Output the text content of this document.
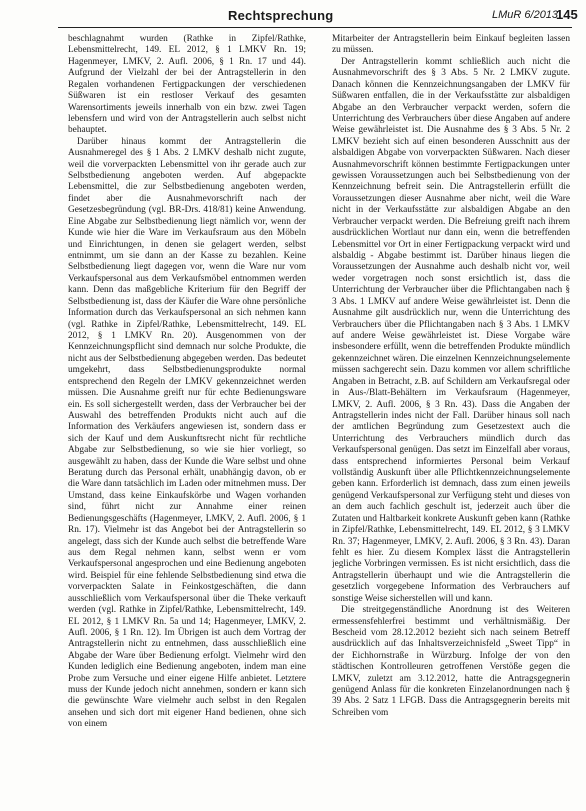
Rechtsprechung	LMuR 6/2013
145

beschlagnahmt wurden (Rathke in Zipfel/Rathke, Lebensmittelrecht, 149. EL 2012, § 1 LMKV Rn. 19; Hagenmeyer, LMKV, 2. Aufl. 2006, § 1 Rn. 17 und 44). Aufgrund der Vielzahl der bei der Antragstellerin in den Regalen vorhandenen Fertigpackungen der verschiedenen Süßwaren ist ein restloser Verkauf des gesamten Warensortiments jeweils innerhalb von ein bzw. zwei Tagen lebensfern und wird von der Antragstellerin auch selbst nicht behauptet.

Darüber hinaus kommt der Antragstellerin die Ausnahmeregel des § 1 Abs. 2 LMKV deshalb nicht zugute, weil die vorverpackten Lebensmittel von ihr gerade auch zur Selbstbedienung angeboten werden. Auf abgepackte Lebensmittel, die zur Selbstbedienung angeboten werden, findet aber die Ausnahmevorschrift nach der Gesetzesbegründung (vgl. BR-Drs. 418/81) keine Anwendung. Eine Abgabe zur Selbstbedienung liegt nämlich vor, wenn der Kunde wie hier die Ware im Verkaufsraum aus den Möbeln und Einrichtungen, in denen sie gelagert werden, selbst entnimmt, um sie dann an der Kasse zu bezahlen. Keine Selbstbedienung liegt dagegen vor, wenn die Ware nur vom Verkaufspersonal aus dem Verkaufsmöbel entnommen werden kann. Denn das maßgebliche Kriterium für den Begriff der Selbstbedienung ist, dass der Käufer die Ware ohne persönliche Information durch das Verkaufspersonal an sich nehmen kann (vgl. Rathke in Zipfel/Rathke, Lebensmittelrecht, 149. EL 2012, § 1 LMKV Rn. 20). Ausgenommen von der Kennzeichnungspflicht sind demnach nur solche Produkte, die nicht aus der Selbstbedienung abgegeben werden. Das bedeutet umgekehrt, dass Selbstbedienungsprodukte normal entsprechend den Regeln der LMKV gekennzeichnet werden müssen. Die Ausnahme greift nur für echte Bedienungsware ein. Es soll sichergestellt werden, dass der Verbraucher bei der Auswahl des betreffenden Produkts nicht auch auf die Information des Verkäufers angewiesen ist, sondern dass er sich der Kauf und dem Auskunftsrecht nicht für rechtliche Abgabe zur Selbstbedienung, so wie sie hier vorliegt, so ausgewählt zu haben, dass der Kunde die Ware selbst und ohne Beratung durch das Personal erhält, unabhängig davon, ob er die Ware dann tatsächlich im Laden oder mitnehmen muss. Der Umstand, dass keine Einkaufskörbe und Wagen vorhanden sind, führt nicht zur Annahme einer reinen Bedienungsgeschäfts (Hagenmeyer, LMKV, 2. Aufl. 2006, § 1 Rn. 17). Vielmehr ist das Angebot bei der Antragstellerin so angelegt, dass sich der Kunde auch selbst die betreffende Ware aus dem Regal nehmen kann, selbst wenn er vom Verkaufspersonal angesprochen und eine Bedienung angeboten wird. Beispiel für eine fehlende Selbstbedienung sind etwa die vorverpackten Salate in Feinkostgeschäften, die dann ausschließlich vom Verkaufspersonal über die Theke verkauft werden (vgl. Rathke in Zipfel/Rathke, Lebensmittelrecht, 149. EL 2012, § 1 LMKV Rn. 5a und 14; Hagenmeyer, LMKV, 2. Aufl. 2006, § 1 Rn. 12). Im Übrigen ist auch dem Vortrag der Antragstellerin nicht zu entnehmen, dass ausschließlich eine Abgabe der Ware über Bedienung erfolgt. Vielmehr wird den Kunden lediglich eine Bedienung angeboten, indem man eine Probe zum Versuche und einer eigene Hilfe anbietet. Letztere muss der Kunde jedoch nicht annehmen, sondern er kann sich die gewünschte Ware vielmehr auch selbst in den Regalen ansehen und sich dort mit eigener Hand bedienen, ohne sich von einem

Mitarbeiter der Antragstellerin beim Einkauf begleiten lassen zu müssen.

Der Antragstellerin kommt schließlich auch nicht die Ausnahmevorschrift des § 3 Abs. 5 Nr. 2 LMKV zugute. Danach können die Kennzeichnungsangaben der LMKV für Süßwaren entfallen, die in der Verkaufsstätte zur alsbaldigen Abgabe an den Verbraucher verpackt werden, sofern die Unterrichtung des Verbrauchers über diese Angaben auf andere Weise gewährleistet ist. Die Ausnahme des § 3 Abs. 5 Nr. 2 LMKV bezieht sich auf einen besonderen Ausschnitt aus der alsbaldigen Abgabe von vorverpackten Süßwaren. Nach dieser Ausnahmevorschrift können bestimmte Fertigpackungen unter gewissen Voraussetzungen auch bei Selbstbedienung von der Kennzeichnung befreit sein. Die Antragstellerin erfüllt die Voraussetzungen dieser Ausnahme aber nicht, weil die Ware nicht in der Verkaufsstätte zur alsbaldigen Abgabe an den Verbraucher verpackt werden. Die Befreiung greift nach ihrem ausdrücklichen Wortlaut nur dann ein, wenn die betreffenden Lebensmittel vor Ort in einer Fertigpackung verpackt wird und alsbaldig - Abgabe bestimmt ist. Darüber hinaus liegen die Voraussetzungen der Ausnahme auch deshalb nicht vor, weil weder vorgetragen noch sonst ersichtlich ist, dass die Unterrichtung der Verbraucher über die Pflichtangaben nach § 3 Abs. 1 LMKV auf andere Weise gewährleistet ist. Denn die Ausnahme gilt ausdrücklich nur, wenn die Unterrichtung des Verbrauchers über die Pflichtangaben nach § 3 Abs. 1 LMKV auf andere Weise gewährleistet ist. Diese Vorgabe wäre insbesondere erfüllt, wenn die betreffenden Produkte mündlich gekennzeichnet wären. Die einzelnen Kennzeichnungselemente müssen sachgerecht sein. Dazu kommen vor allem schriftliche Angaben in Betracht, z.B. auf Schildern am Verkaufsregal oder in Aus-/Blatt-Behältern im Verkaufsraum (Hagenmeyer, LMKV, 2. Aufl. 2006, § 3 Rn. 43). Dass die Angaben der Antragstellerin indes nicht der Fall. Darüber hinaus soll nach der amtlichen Begründung zum Gesetzestext auch die Unterrichtung des Verbrauchers mündlich durch das Verkaufspersonal genügen. Das setzt im Einzelfall aber voraus, dass entsprechend informiertes Personal beim Verkauf vollständig Auskunft über alle Pflichtkennzeichnungselemente geben kann. Erforderlich ist demnach, dass zum einen jeweils genügend Verkaufspersonal zur Verfügung steht und dieses von an dem auch fachlich geschult ist, jederzeit auch über die Zutaten und Haltbarkeit konkrete Auskunft geben kann (Rathke in Zipfel/Rathke, Lebensmittelrecht, 149. EL 2012, § 3 LMKV Rn. 37; Hagenmeyer, LMKV, 2. Aufl. 2006, § 3 Rn. 43). Daran fehlt es hier. Zu diesem Komplex lässt die Antragstellerin jegliche Vorbringen vermissen. Es ist nicht ersichtlich, dass die Antragstellerin überhaupt und wie die Antragstellerin die gesetzlich vorgegebene Information des Verbrauchers auf sonstige Weise sicherstellen will und kann.

Die streitgegenständliche Anordnung ist des Weiteren ermessensfehlerfrei bestimmt und verhältnismäßig. Der Bescheid vom 28.12.2012 bezieht sich nach seinem Betreff ausdrücklich auf das Inhaltsverzeichnisfeld „Sweet Tipp“ in der Eichhornstraße in Würzburg. Infolge der von den städtischen Kontrolleuren getroffenen Verstöße gegen die LMKV, zuletzt am 3.12.2012, hatte die Antragsgegnerin genügend Anlass für die konkreten Einzelanordnungen nach § 39 Abs. 2 Satz 1 LFGB. Dass die Antragsgegnerin bereits mit Schreiben vom
